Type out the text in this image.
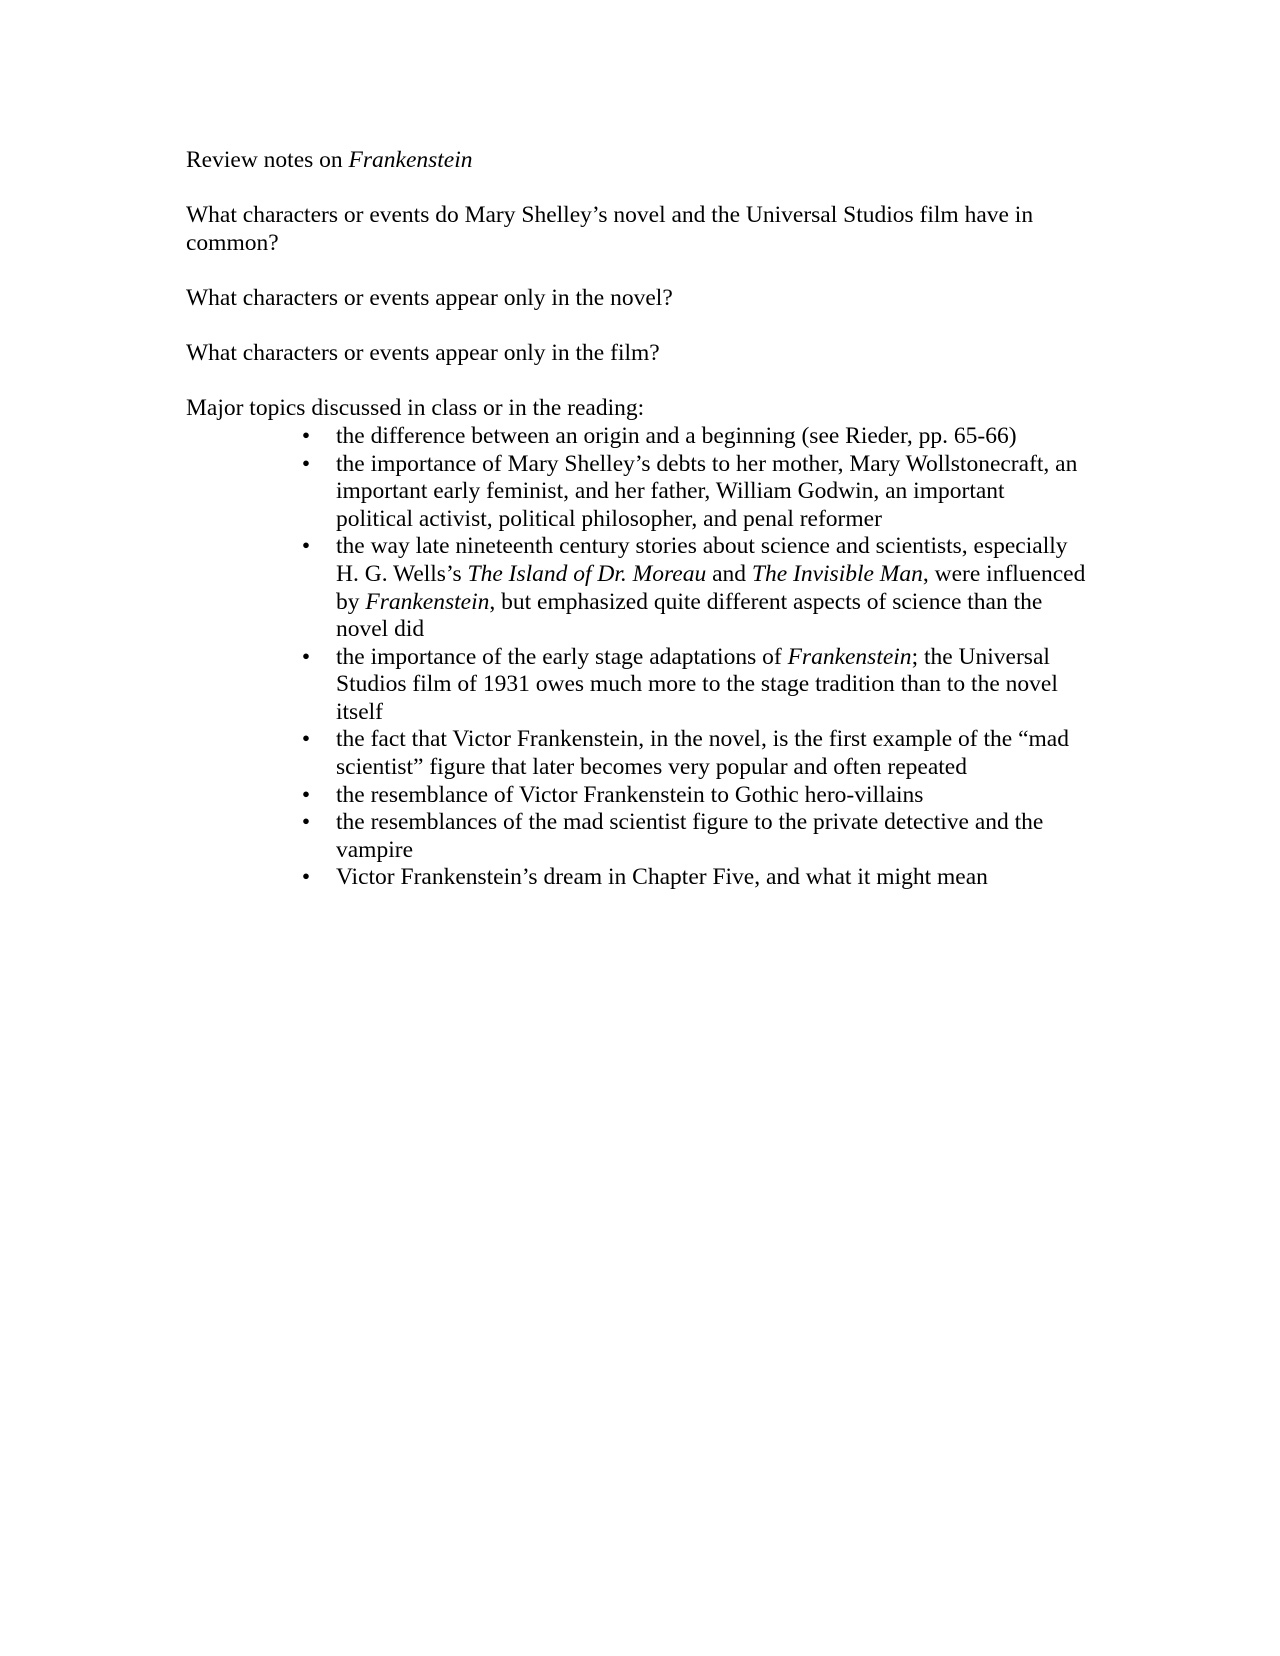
Review notes on Frankenstein

What characters or events do Mary Shelley’s novel and the Universal Studios film have in common?

What characters or events appear only in the novel?

What characters or events appear only in the film?

Major topics discussed in class or in the reading:

• the difference between an origin and a beginning (see Rieder, pp. 65-66)
• the importance of Mary Shelley’s debts to her mother, Mary Wollstonecraft, an important early feminist, and her father, William Godwin, an important political activist, political philosopher, and penal reformer
• the way late nineteenth century stories about science and scientists, especially H. G. Wells’s The Island of Dr. Moreau and The Invisible Man, were influenced by Frankenstein, but emphasized quite different aspects of science than the novel did
• the importance of the early stage adaptations of Frankenstein; the Universal Studios film of 1931 owes much more to the stage tradition than to the novel itself
• the fact that Victor Frankenstein, in the novel, is the first example of the “mad scientist” figure that later becomes very popular and often repeated
• the resemblance of Victor Frankenstein to Gothic hero-villains
• the resemblances of the mad scientist figure to the private detective and the vampire
• Victor Frankenstein’s dream in Chapter Five, and what it might mean
